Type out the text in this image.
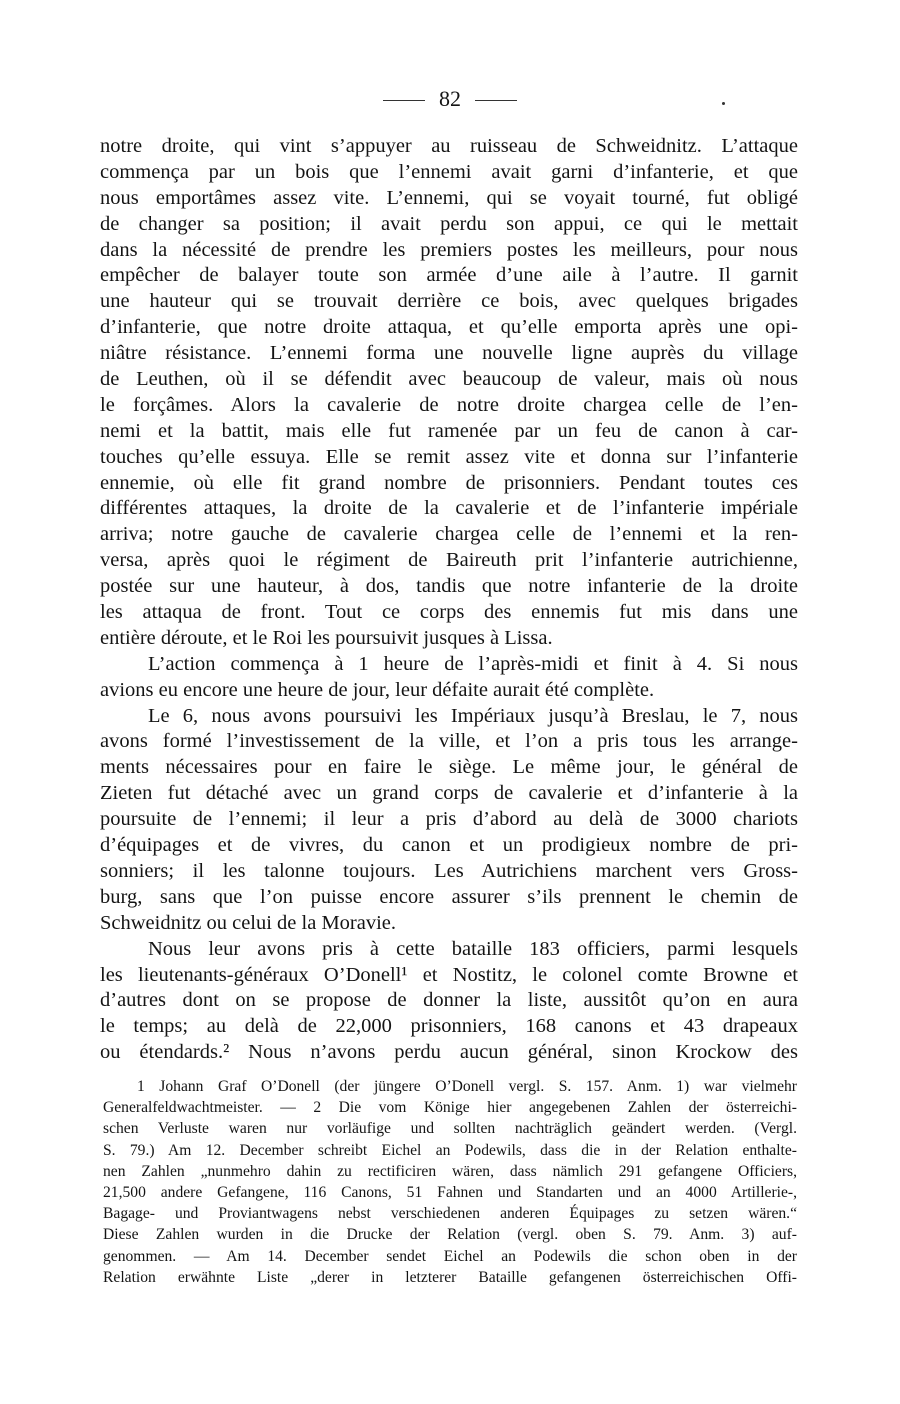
82
notre droite, qui vint s’appuyer au ruisseau de Schweidnitz. L’attaque
commença par un bois que l’ennemi avait garni d’infanterie, et que
nous emportâmes assez vite. L’ennemi, qui se voyait tourné, fut obligé
de changer sa position; il avait perdu son appui, ce qui le mettait
dans la nécessité de prendre les premiers postes les meilleurs, pour nous
empêcher de balayer toute son armée d’une aile à l’autre. Il garnit
une hauteur qui se trouvait derrière ce bois, avec quelques brigades
d’infanterie, que notre droite attaqua, et qu’elle emporta après une opi-
niâtre résistance. L’ennemi forma une nouvelle ligne auprès du village
de Leuthen, où il se défendit avec beaucoup de valeur, mais où nous
le forçâmes. Alors la cavalerie de notre droite chargea celle de l’en-
nemi et la battit, mais elle fut ramenée par un feu de canon à car-
touches qu’elle essuya. Elle se remit assez vite et donna sur l’infanterie
ennemie, où elle fit grand nombre de prisonniers. Pendant toutes ces
différentes attaques, la droite de la cavalerie et de l’infanterie impériale
arriva; notre gauche de cavalerie chargea celle de l’ennemi et la ren-
versa, après quoi le régiment de Baireuth prit l’infanterie autrichienne,
postée sur une hauteur, à dos, tandis que notre infanterie de la droite
les attaqua de front. Tout ce corps des ennemis fut mis dans une
entière déroute, et le Roi les poursuivit jusques à Lissa.
L’action commença à 1 heure de l’après-midi et finit à 4. Si nous
avions eu encore une heure de jour, leur défaite aurait été complète.
Le 6, nous avons poursuivi les Impériaux jusqu’à Breslau, le 7, nous
avons formé l’investissement de la ville, et l’on a pris tous les arrange-
ments nécessaires pour en faire le siège. Le même jour, le général de
Zieten fut détaché avec un grand corps de cavalerie et d’infanterie à la
poursuite de l’ennemi; il leur a pris d’abord au delà de 3000 chariots
d’équipages et de vivres, du canon et un prodigieux nombre de pri-
sonniers; il les talonne toujours. Les Autrichiens marchent vers Gross-
burg, sans que l’on puisse encore assurer s’ils prennent le chemin de
Schweidnitz ou celui de la Moravie.
Nous leur avons pris à cette bataille 183 officiers, parmi lesquels
les lieutenants-généraux O’Donell¹ et Nostitz, le colonel comte Browne et
d’autres dont on se propose de donner la liste, aussitôt qu’on en aura
le temps; au delà de 22,000 prisonniers, 168 canons et 43 drapeaux
ou étendards.² Nous n’avons perdu aucun général, sinon Krockow des
1 Johann Graf O’Donell (der jüngere O’Donell vergl. S. 157. Anm. 1) war vielmehr
Generalfeldwachtmeister. — 2 Die vom Könige hier angegebenen Zahlen der österreichi-
schen Verluste waren nur vorläufige und sollten nachträglich geändert werden. (Vergl.
S. 79.) Am 12. December schreibt Eichel an Podewils, dass die in der Relation enthalte-
nen Zahlen „nunmehro dahin zu rectificiren wären, dass nämlich 291 gefangene Officiers,
21,500 andere Gefangene, 116 Canons, 51 Fahnen und Standarten und an 4000 Artillerie-,
Bagage- und Proviantwagens nebst verschiedenen anderen Équipages zu setzen wären.“
Diese Zahlen wurden in die Drucke der Relation (vergl. oben S. 79. Anm. 3) auf-
genommen. — Am 14. December sendet Eichel an Podewils die schon oben in der
Relation erwähnte Liste „derer in letzterer Bataille gefangenen österreichischen Offi-
